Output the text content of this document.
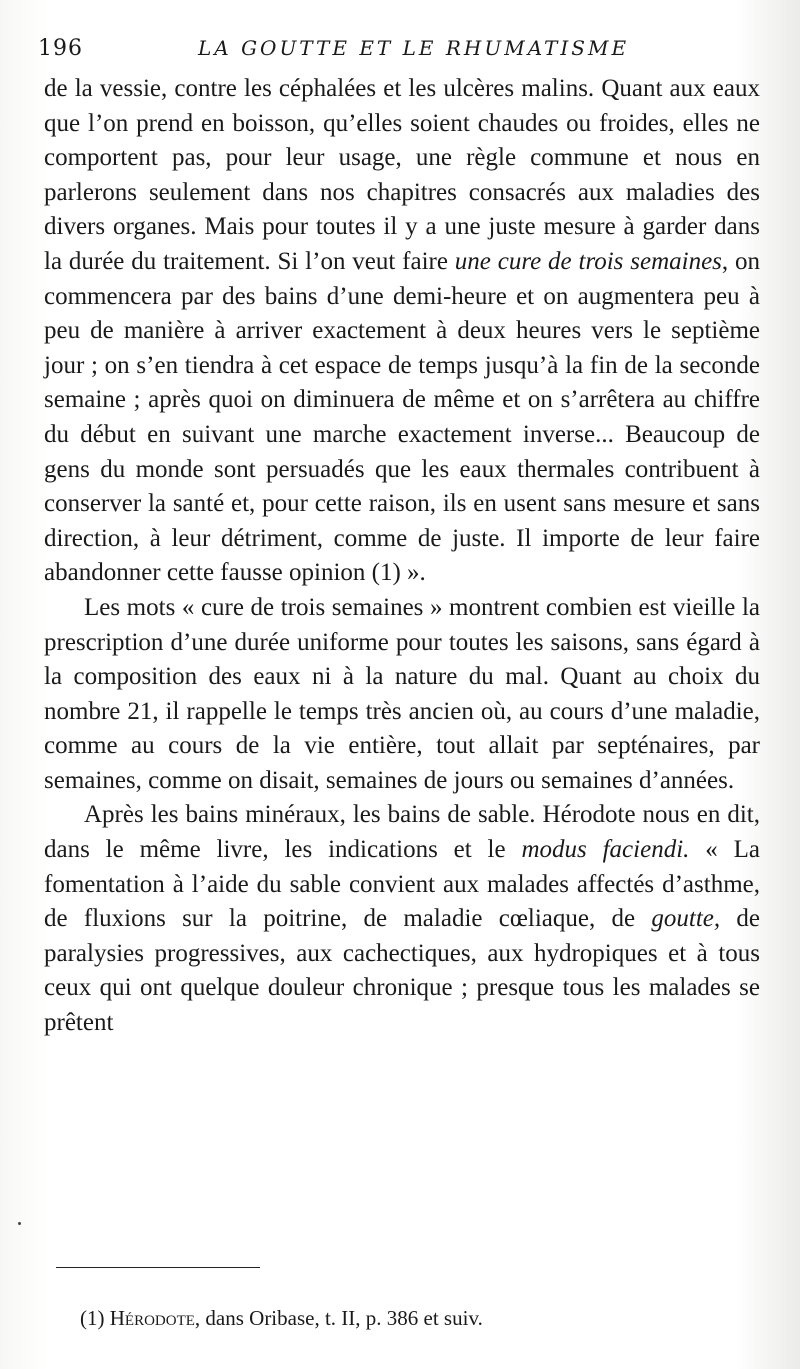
196	LA GOUTTE ET LE RHUMATISME

de la vessie, contre les céphalées et les ulcères malins. Quant aux eaux que l’on prend en boisson, qu’elles soient chaudes ou froides, elles ne comportent pas, pour leur usage, une règle commune et nous en parlerons seulement dans nos chapitres consacrés aux maladies des divers organes. Mais pour toutes il y a une juste mesure à garder dans la durée du traitement. Si l’on veut faire une cure de trois semaines, on commencera par des bains d’une demi-heure et on augmentera peu à peu de manière à arriver exactement à deux heures vers le septième jour ; on s’en tiendra à cet espace de temps jusqu’à la fin de la seconde semaine ; après quoi on diminuera de même et on s’arrêtera au chiffre du début en suivant une marche exactement inverse... Beaucoup de gens du monde sont persuadés que les eaux thermales contribuent à conserver la santé et, pour cette raison, ils en usent sans mesure et sans direction, à leur détriment, comme de juste. Il importe de leur faire abandonner cette fausse opinion (1) ».

Les mots « cure de trois semaines » montrent combien est vieille la prescription d’une durée uniforme pour toutes les saisons, sans égard à la composition des eaux ni à la nature du mal. Quant au choix du nombre 21, il rappelle le temps très ancien où, au cours d’une maladie, comme au cours de la vie entière, tout allait par septénaires, par semaines, comme on disait, semaines de jours ou semaines d’années.

Après les bains minéraux, les bains de sable. Hérodote nous en dit, dans le même livre, les indications et le modus faciendi. « La fomentation à l’aide du sable convient aux malades affectés d’asthme, de fluxions sur la poitrine, de maladie cœliaque, de goutte, de paralysies progressives, aux cachectiques, aux hydropiques et à tous ceux qui ont quelque douleur chronique ; presque tous les malades se prêtent

(1) Hérodote, dans Oribase, t. II, p. 386 et suiv.
